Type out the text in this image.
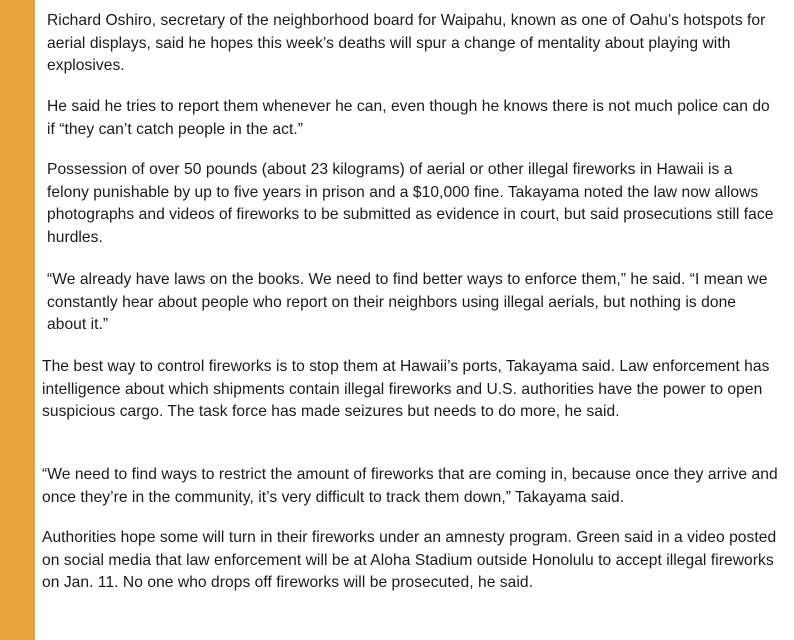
Richard Oshiro, secretary of the neighborhood board for Waipahu, known as one of Oahu’s hotspots for aerial displays, said he hopes this week’s deaths will spur a change of mentality about playing with explosives.

He said he tries to report them whenever he can, even though he knows there is not much police can do if “they can’t catch people in the act.”

Possession of over 50 pounds (about 23 kilograms) of aerial or other illegal fireworks in Hawaii is a felony punishable by up to five years in prison and a $10,000 fine. Takayama noted the law now allows photographs and videos of fireworks to be submitted as evidence in court, but said prosecutions still face hurdles.

“We already have laws on the books. We need to find better ways to enforce them,” he said. “I mean we constantly hear about people who report on their neighbors using illegal aerials, but nothing is done about it.”

The best way to control fireworks is to stop them at Hawaii’s ports, Takayama said. Law enforcement has intelligence about which shipments contain illegal fireworks and U.S. authorities have the power to open suspicious cargo. The task force has made seizures but needs to do more, he said.

“We need to find ways to restrict the amount of fireworks that are coming in, because once they arrive and once they’re in the community, it’s very difficult to track them down,” Takayama said.

Authorities hope some will turn in their fireworks under an amnesty program. Green said in a video posted on social media that law enforcement will be at Aloha Stadium outside Honolulu to accept illegal fireworks on Jan. 11. No one who drops off fireworks will be prosecuted, he said.
